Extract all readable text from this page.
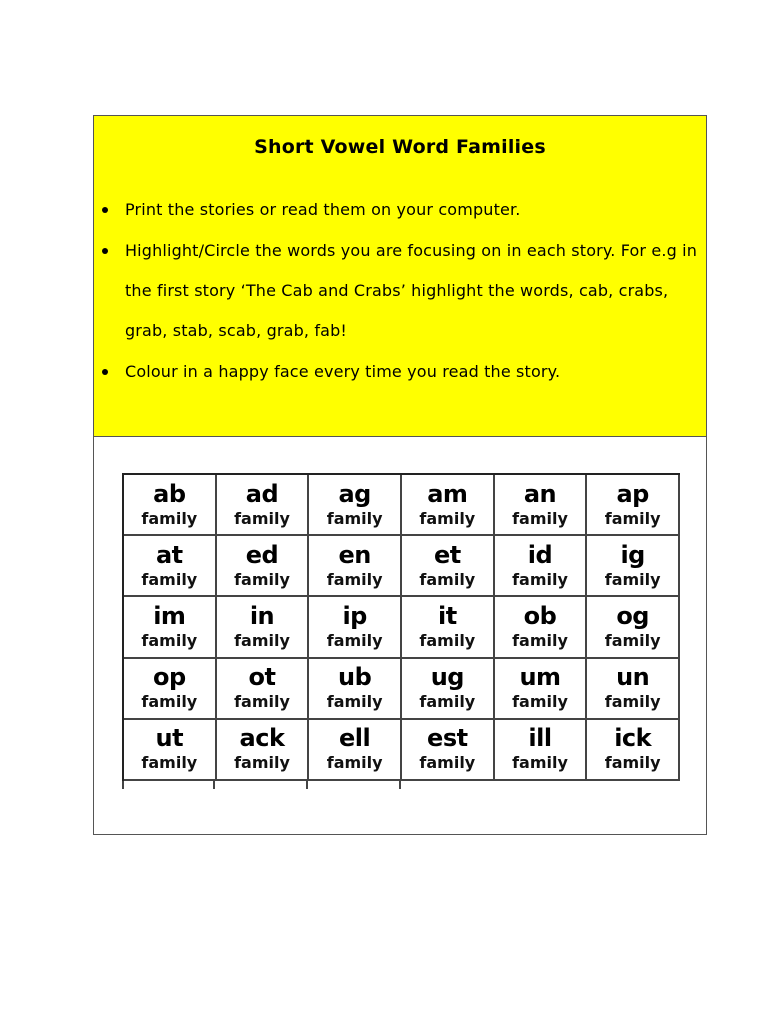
Short Vowel Word Families
Print the stories or read them on your computer.
Highlight/Circle the words you are focusing on in each story. For e.g in the first story ‘The Cab and Crabs’ highlight the words, cab, crabs, grab, stab, scab, grab, fab!
Colour in a happy face every time you read the story.
ab
family
ad
family
ag
family
am
family
an
family
ap
family
at
family
ed
family
en
family
et
family
id
family
ig
family
im
family
in
family
ip
family
it
family
ob
family
og
family
op
family
ot
family
ub
family
ug
family
um
family
un
family
ut
family
ack
family
ell
family
est
family
ill
family
ick
family
